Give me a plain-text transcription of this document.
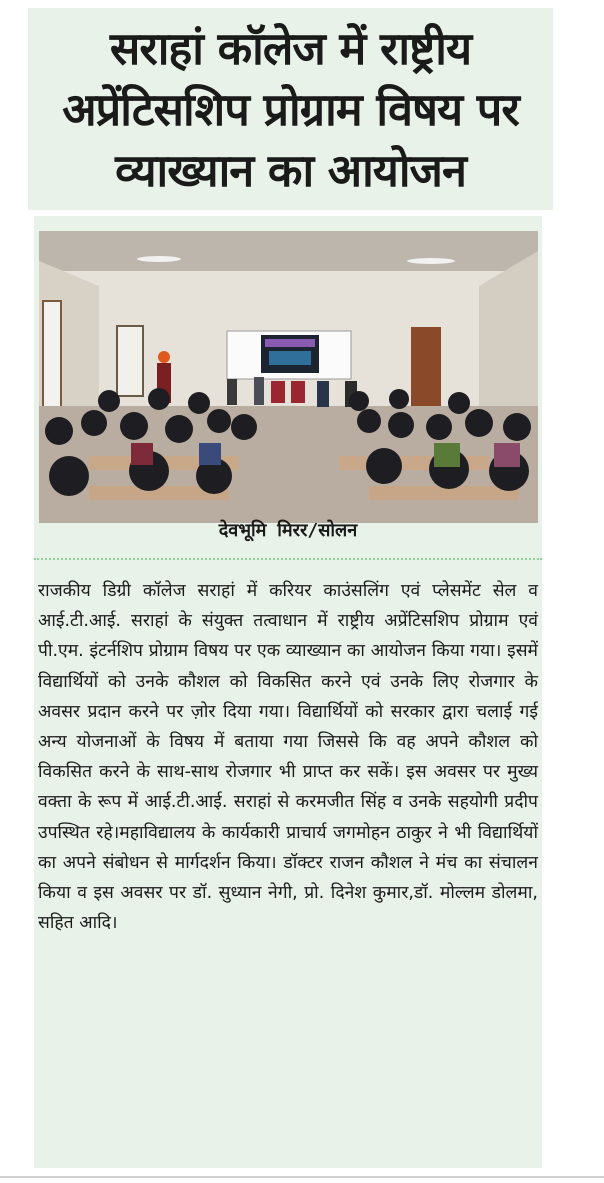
सराहां कॉलेज में राष्ट्रीय
अप्रेंटिसशिप प्रोग्राम विषय पर
व्याख्यान का आयोजन
देवभूमि मिरर/सोलन

राजकीय डिग्री कॉलेज सराहां में करियर काउंसलिंग एवं प्लेसमेंट सेल व आई.टी.आई. सराहां के संयुक्त तत्वाधान में राष्ट्रीय अप्रेंटिसशिप प्रोग्राम एवं पी.एम. इंटर्नशिप प्रोग्राम विषय पर एक व्याख्यान का आयोजन किया गया। इसमें विद्यार्थियों को उनके कौशल को विकसित करने एवं उनके लिए रोजगार के अवसर प्रदान करने पर ज़ोर दिया गया। विद्यार्थियों को सरकार द्वारा चलाई गई अन्य योजनाओं के विषय में बताया गया जिससे कि वह अपने कौशल को विकसित करने के साथ-साथ रोजगार भी प्राप्त कर सकें। इस अवसर पर मुख्य वक्ता के रूप में आई.टी.आई. सराहां से करमजीत सिंह व उनके सहयोगी प्रदीप उपस्थित रहे।महाविद्यालय के कार्यकारी प्राचार्य जगमोहन ठाकुर ने भी विद्यार्थियों का अपने संबोधन से मार्गदर्शन किया। डॉक्टर राजन कौशल ने मंच का संचालन किया व इस अवसर पर डॉ. सुध्यान नेगी, प्रो. दिनेश कुमार,डॉ. मोल्लम डोलमा, सहित आदि।
